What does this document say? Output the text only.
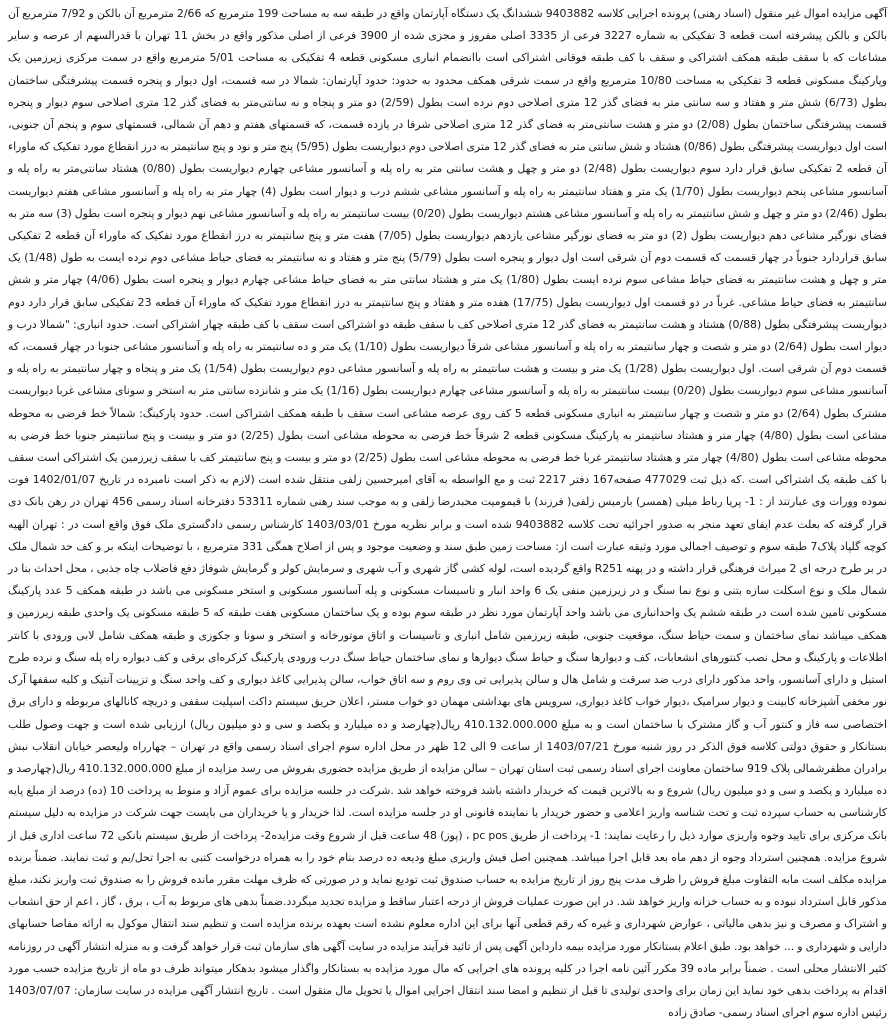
آگهی مزایده اموال غیر منقول (اسناد رهنی) پرونده اجرایی کلاسه 9403882 ششدانگ یک دستگاه آپارتمان واقع در طبقه سه به مساحت 199 مترمربع که 2/66 مترمربع آن بالکن و 7/92 مترمربع آن بالکن و بالکن پیشرفته است قطعه 3 تفکیکی به شماره 3227 فرعی از 3335 اصلی مفروز و مجزی شده از 3900 فرعی از اصلی مذکور واقع در بخش 11 تهران با قدرالسهم از عرصه و سایر مشاعات که با سقف طبقه همکف اشتراکی و سقف با کف طبقه فوقانی اشتراکی است باانضمام انباری مسکونی قطعه 4 تفکیکی به مساحت 5/01 مترمربع واقع در سمت مرکزی زیرزمین یک وپارکینگ مسکونی قطعه 3 تفکیکی به مساحت 10/80 مترمربع واقع در سمت شرقی همکف محدود به حدود: حدود آپارتمان: شمالا در سه قسمت، اول دیوار و پنجره قسمت پیشرفتگی ساختمان بطول (6/73) شش متر و هفتاد و سه سانتی متر به فضای گذر 12 متری اصلاحی دوم نرده است بطول (2/59) دو متر و پنجاه و نه سانتی‌متر به فضای گذر 12 متری اصلاحی سوم دیوار و پنجره قسمت پیشرفتگی ساختمان بطول (2/08) دو متر و هشت سانتی‌متر به فضای گذر 12 متری اصلاحی شرقا در یازده قسمت، که قسمتهای هفتم و دهم آن شمالی، قسمتهای سوم و پنجم آن جنوبی، است اول دیواریست پیشرفتگی بطول (0/86) هشتاد و شش سانتی متر به فضای گذر 12 متری اصلاحی دوم دیواریست بطول (5/95) پنج متر و نود و پنج سانتیمتر به درز انقطاع مورد تفکیک که ماوراء آن قطعه 2 تفکیکی سابق قرار دارد سوم دیواریست بطول (2/48) دو متر و چهل و هشت سانتی متر به راه پله و آسانسور مشاعی چهارم دیواریست بطول (0/80) هشتاد سانتی‌متر به راه پله و آسانسور مشاعی پنجم دیواریست بطول (1/70) یک متر و هفتاد سانتیمتر به راه پله و آسانسور مشاعی ششم درب و دیوار است بطول (4) چهار متر به راه پله و آسانسور مشاعی هفتم دیواریست بطول (2/46) دو متر و چهل و شش سانتیمتر به راه پله و آسانسور مشاعی هشتم دیواریست بطول (0/20) بیست سانتیمتر به راه پله و آسانسور مشاعی نهم دیوار و پنجره است بطول (3) سه متر به فضای نورگیر مشاعی دهم دیواریست بطول (2) دو متر به فضای نورگیر مشاعی یازدهم دیواریست بطول (7/05) هفت متر و پنج سانتیمتر به درز انقطاع مورد تفکیک که ماوراء آن قطعه 2 تفکیکی سابق قراردارد جنوباً در چهار قسمت که قسمت دوم آن شرقی است اول دیوار و پنجره است بطول (5/79) پنج متر و هفتاد و نه سانتیمتر به فضای حیاط مشاعی دوم نرده ایست به طول (1/48) یک متر و چهل و هشت سانتیمتر به فضای حیاط مشاعی سوم نرده ایست بطول (1/80) یک متر و هشتاد سانتی متر به فضای حیاط مشاعی چهارم دیوار و پنجره است بطول (4/06) چهار متر و شش سانتیمتر به فضای حیاط مشاعی. غرباً در دو قسمت اول دیواریست بطول (17/75) هفده متر و هفتاد و پنج سانتیمتر به درز انقطاع مورد تفکیک که ماوراء آن قطعه 23 تفکیکی سابق قرار دارد دوم دیواریست پیشرفتگی بطول (0/88) هشتاد و هشت سانتیمتر به فضای گذر 12 متری اصلاحی کف با سقف طبقه دو اشتراکی است سقف با کف طبقه چهار اشتراکی است. حدود انباری: "شمالا درب و دیوار است بطول (2/64) دو متر و شصت و چهار سانتیمتر به راه پله و آسانسور مشاعی شرقاً دیواریست بطول (1/10) یک متر و ده سانتیمتر به راه پله و آسانسور مشاعی جنوبا در چهار قسمت، که قسمت دوم آن شرقی است. اول دیواریست بطول (1/28) یک متر و بیست و هشت سانتیمتر به راه پله و آسانسور مشاعی دوم دیواریست بطول (1/54) یک متر و پنجاه و چهار سانتیمتر به راه پله و آسانسور مشاعی سوم دیواریست بطول (0/20) بیست سانتیمتر به راه پله و آسانسور مشاعی چهارم دیواریست بطول (1/16) یک متر و شانزده سانتی متر به استخر و سونای مشاعی غربا دیواریست مشترک بطول (2/64) دو متر و شصت و چهار سانتیمتر به انباری مسکونی قطعه 5 کف روی عرصه مشاعی است سقف با طبقه همکف اشتراکی است. حدود پارکینگ: شمالاً خط فرضی به محوطه مشاعی است بطول (4/80) چهار متر و هشتاد سانتیمتر به پارکینگ مسکونی قطعه 2 شرقاً خط فرضی به محوطه مشاعی است بطول (2/25) دو متر و بیست و پنج سانتیمتر جنوبا خط فرضی به محوطه مشاعی است بطول (4/80) چهار متر و هشتاد سانتیمتر غربا خط فرضی به محوطه مشاعی است بطول (2/25) دو متر و بیست و پنج سانتیمتر کف با سقف زیرزمین یک اشتراکی است سقف با کف طبقه یک اشتراکی است .که ذیل ثبت 477029 صفحه167 دفتر 2217 ثبت و مع الواسطه به آقای امیرحسین زلفی منتقل شده است (لازم به ذکر است نامبرده در تاریخ 1402/01/07 فوت نموده وورات وی عبارتند از : 1- پریا رباط میلی (همسر) بارمیس زلفی( فرزند) با قیمومیت محبدرضا زلفی و به موجب سند رهنی شماره 53311 دفترخانه اسناد رسمی 456 تهران در رهن بانک دی قرار گرفته که بعلت عدم ایفای تعهد منجر به صدور اجرائیه تحت کلاسه 9403882 شده است و برابر نظریه مورخ 1403/03/01 کارشناس رسمی دادگستری ملک فوق واقع است در : تهران الهیه کوچه گلپاد پلاک7 طبقه سوم و توصیف اجمالی مورد وثیقه عبارت است از: مساحت زمین طبق سند و وضعیت موجود و پس از اصلاح همگی 331 مترمربع ، با توضیحات اینکه بر و کف حد شمال ملک در بر طرح درجه ای 2 میراث فرهنگی قرار داشته و در پهنه R251 واقع گردیده است، لوله کشی گاز شهری و آب شهری و سرمایش کولر و گرمایش شوفاژ دفع فاضلاب چاه جذبی ، محل احداث بنا در شمال ملک و نوع اسکلت سازه بتنی و نوع نما سنگ و در زیرزمین منفی یک 6 واحد انبار و تاسیسات مسکونی و پله آسانسور مسکونی و استخر مسکونی می باشد در طبقه همکف 5 عدد پارکینگ مسکونی تامین شده است در طبقه ششم یک واحدانباری می باشد واحد آپارتمان مورد نظر در طبقه سوم بوده و یک ساختمان مسکونی هفت طبقه که 5 طبقه مسکونی یک واحدی طبقه زیرزمین و همکف میباشد نمای ساختمان و سمت حیاط سنگ، موقعیت جنوبی، طبقه زیرزمین شامل انباری و تاسیسات و اتاق موتورخانه و استخر و سونا و جکوزی و طبقه همکف شامل لابی ورودی با کانتر اطلاعات و پارکینگ و محل نصب کنتورهای انشعابات، کف و دیوارها سنگ و حیاط سنگ دیوارها و نمای ساختمان حیاط سنگ درب ورودی پارکینگ کرکره‌ای برقی و کف دیواره راه پله سنگ و نرده طرح استیل و دارای آسانسور، واحد مذکور دارای درب ضد سرقت و شامل هال و سالن پذیرایی تی وی روم و سه اتاق خواب، سالن پذیرایی کاغذ دیواری و کف واحد سنگ و تزیینات آنتیک و کلیه سقفها آرک نور مخفی آشپزخانه کابینت و دیوار سرامیک ،دیوار خواب کاغذ دیواری، سرویس های بهداشتی مهمان دو خواب مستر، اعلان حریق سیستم داکت اسپلیت سقفی و دریچه کانالهای مربوطه و دارای برق اختصاصی سه فاز و کنتور آب و گاز مشترک با ساختمان است و به مبلغ 410.132.000.000 ریال(چهارصد و ده میلیارد و یکصد و سی و دو میلیون ریال) ارزیابی شده است و جهت وصول طلب بستانکار و حقوق دولتی کلاسه فوق الذکر در روز شنبه مورخ 1403/07/21 از ساعت 9 الی 12 ظهر در محل اداره سوم اجرای اسناد رسمی واقع در تهران – چهارراه ولیعصر خیابان انقلاب نبش برادران مظفرشمالی پلاک 919 ساختمان معاونت اجرای اسناد رسمی ثبت استان تهران – سالن مزایده از طریق مزایده حضوری بفروش می رسد مزایده از مبلغ 410.132.000.000 ریال(چهارصد و ده میلیارد و یکصد و سی و دو میلیون ریال) شروع و به بالاترین قیمت که خریدار داشته باشد فروخته خواهد شد .شرکت در جلسه مزایده برای عموم آزاد و منوط به پرداخت 10 (ده) درصد از مبلغ پایه کارشناسی به حساب سپرده ثبت و تحت شناسه واریز اعلامی و حضور خریدار یا نماینده قانونی او در جلسه مزایده است. لذا خریدار و یا خریداران می بایست جهت شرکت در مزایده به دلیل سیستم بانک مرکزی برای تایید وجوه واریزی موارد ذیل را رعایت نمایند: 1- پرداخت از طریق pc pos ، (پوز) 48 ساعت قبل از شروع وقت مزایده2- پرداخت از طریق سیستم بانکی 72 ساعت اداری قبل از شروع مزایده. همچنین استرداد وجوه از دهم ماه بعد قابل اجرا میباشد. همچنین اصل فیش واریزی مبلغ ودیعه ده درصد بنام خود را به همراه درخواست کتبی به اجرا تحل/یم و ثبت نمایند. ضمناً برنده مزایده مکلف است مابه التفاوت مبلغ فروش را ظرف مدت پنج روز از تاریخ مزایده به حساب صندوق ثبت تودیع نماید و در صورتی که ظرف مهلت مقرر مانده فروش را به صندوق ثبت واریز نکند، مبلغ مذکور قابل استرداد نبوده و به حساب خزانه واریز خواهد شد. در این صورت عملیات فروش از درجه اعتبار ساقط و مزایده تجدید میگردد.ضمناً بدهی های مربوط به آب ، برق ، گاز ، اعم از حق انشعاب و اشتراک و مصرف و نیز بدهی مالیاتی ، عوارض شهرداری و غیره که رقم قطعی آنها برای این اداره معلوم نشده است بعهده برنده مزایده است و تنظیم سند انتقال موکول به ارائه مفاصا حسابهای دارایی و شهرداری و ... خواهد بود. طبق اعلام بستانکار مورد مزایده بیمه دارداین آگهی پس از تائید فرآیند مزایده در سایت آگهی های سازمان ثبت قرار خواهد گرفت و به منزله انتشار آگهی در روزنامه کثیر الانتشار محلی است . ضمناً برابر ماده 39 مکرر آئین نامه اجرا در کلیه پرونده های اجرایی که مال مورد مزایده به بستانکار واگذار میشود بدهکار میتواند ظرف دو ماه از تاریخ مزایده حسب مورد اقدام به پرداخت بدهی خود نماید این زمان برای واحدی تولیدی تا قبل از تنظیم و امضا سند انتقال اجرایی اموال یا تحویل مال منقول است . تاریخ انتشار آگهی مزایده در سایت سازمان: 1403/07/07 رئیس اداره سوم اجرای اسناد رسمی- صادق زاده
